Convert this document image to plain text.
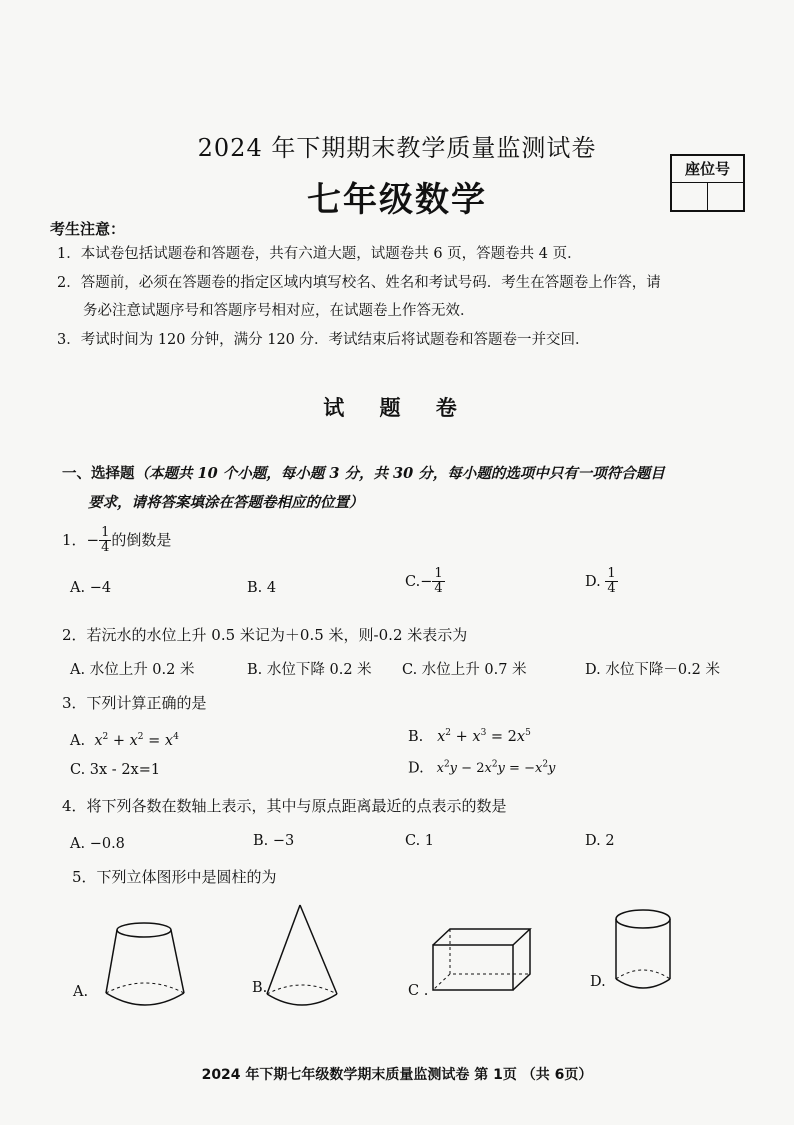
2024 年下期期末教学质量监测试卷
七年级数学
座位号
考生注意：
1．本试卷包括试题卷和答题卷，共有六道大题，试题卷共 6 页，答题卷共 4 页．
2．答题前，必须在答题卷的指定区域内填写校名、姓名和考试号码．考生在答题卷上作答，请
务必注意试题序号和答题序号相对应，在试题卷上作答无效．
3．考试时间为 120 分钟，满分 120 分．考试结束后将试题卷和答题卷一并交回．
试 题 卷
一、选择题（本题共 10 个小题，每小题 3 分，共 30 分，每小题的选项中只有一项符合题目
要求，请将答案填涂在答题卷相应的位置）
1．− $\frac{1}{4}$ 的倒数是
A. −4	B. 4	$C.- \frac{1}{4}$	D. $\frac{1}{4}$
2．若沅水的水位上升 0.5 米记为＋0.5 米，则-0.2 米表示为
A. 水位上升 0.2 米	B. 水位下降 0.2 米 C. 水位上升 0.7 米	D. 水位下降－0.2 米
3．下列计算正确的是
A. $x^2 + x^2 = x^4$	B. $x^2 + x^3 = 2x^5$
C. 3x - 2x=1	D. $x^2y - 2x^2y = -x^2y$
4．将下列各数在数轴上表示，其中与原点距离最近的点表示的数是
A. −0.8	B. −3	C. 1	D. 2
5．下列立体图形中是圆柱的为
A.	B.	C .
D.
2024 年下期七年级数学期末质量监测试卷 第 1页 （共 6页）
